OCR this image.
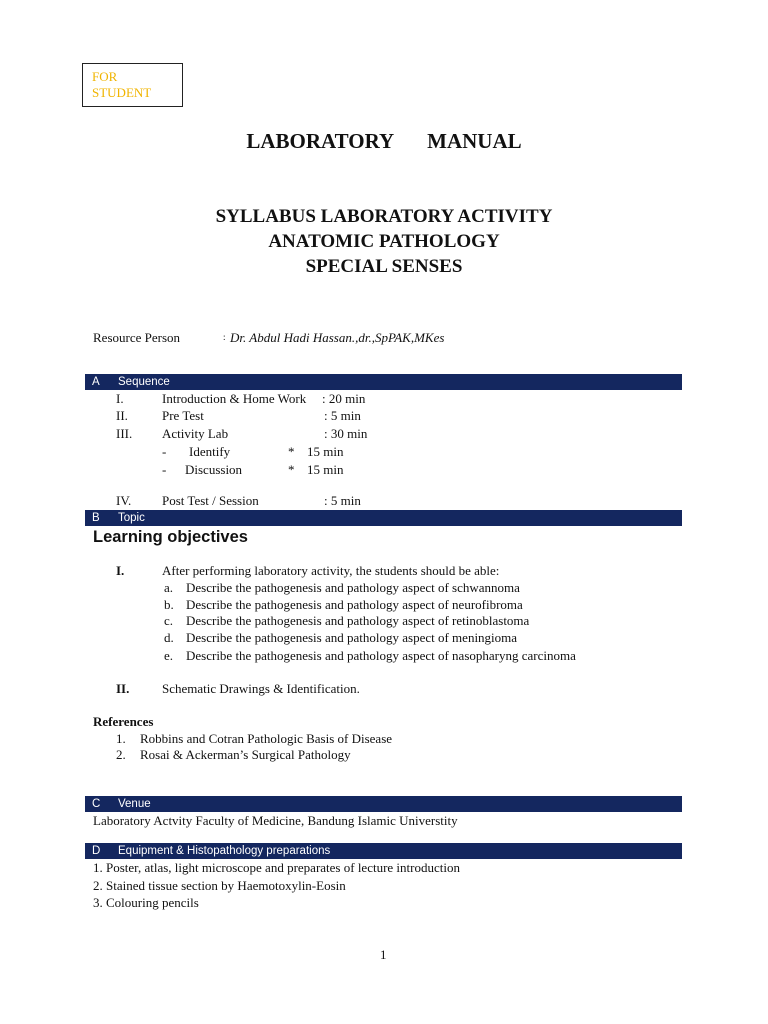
FOR
STUDENT
LABORATORY   MANUAL
SYLLABUS LABORATORY ACTIVITY
ANATOMIC PATHOLOGY
SPECIAL SENSES
Resource Person	: Dr. Abdul Hadi Hassan.,dr.,SpPAK,MKes
A Sequence
I.	Introduction & Home Work : 20 min
II.	Pre Test	: 5 min
III. Activity Lab	: 30 min
- Identify	* 15 min
- Discussion	* 15 min
IV. Post Test / Session	: 5 min
B Topic
Learning objectives
I.	After performing laboratory activity, the students should be able:
a. Describe the pathogenesis and pathology aspect of schwannoma
b. Describe the pathogenesis and pathology aspect of neurofibroma
c. Describe the pathogenesis and pathology aspect of retinoblastoma
d. Describe the pathogenesis and pathology aspect of meningioma
e. Describe the pathogenesis and pathology aspect of nasopharyng carcinoma
II.	Schematic Drawings & Identification.
References
1. Robbins and Cotran Pathologic Basis of Disease
2. Rosai & Ackerman’s Surgical Pathology
C Venue
Laboratory Actvity Faculty of Medicine, Bandung Islamic Universtity
D Equipment & Histopathology preparations
1. Poster, atlas, light microscope and preparates of lecture introduction
2. Stained tissue section by Haemotoxylin-Eosin
3. Colouring pencils
1
